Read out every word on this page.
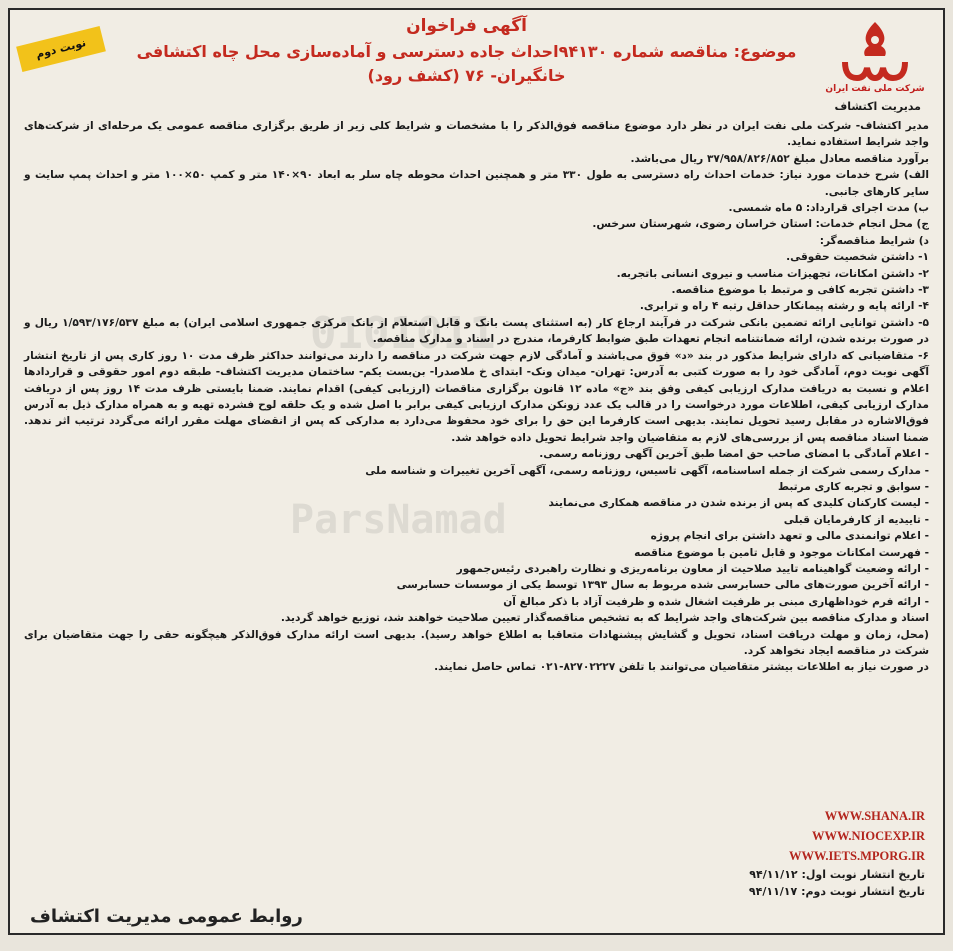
0101011
ParsNamad
نوبت دوم
شرکت ملی نفت ایران
آگهی فراخوان
موضوع: مناقصه شماره ۹۴۱۳۰احداث جاده دسترسی و آماده‌سازی محل چاه اکتشافی خانگیران- ۷۶ (کشف رود)
مدیریت اکتشاف

مدیر اکتشاف- شرکت ملی نفت ایران در نظر دارد موضوع مناقصه فوق‌الذکر را با مشخصات و شرایط کلی زیر از طریق برگزاری مناقصه عمومی یک مرحله‌ای از شرکت‌های واجد شرایط استفاده نماید.

برآورد مناقصه معادل مبلغ ۳۷/۹۵۸/۸۲۶/۸۵۲ ریال می‌باشد.

الف) شرح خدمات مورد نیاز: خدمات احداث راه دسترسی به طول ۳۳۰ متر و همچنین احداث محوطه چاه سلر به ابعاد ۹۰×۱۴۰ متر و کمپ ۵۰×۱۰۰ متر و احداث پمپ سایت و سایر کارهای جانبی.

ب) مدت اجرای قرارداد: ۵ ماه شمسی.

ج) محل انجام خدمات: استان خراسان رضوی، شهرستان سرخس.

د) شرایط مناقصه‌گر:

۱- داشتن شخصیت حقوقی.

۲- داشتن امکانات، تجهیزات مناسب و نیروی انسانی باتجربه.

۳- داشتن تجربه کافی و مرتبط با موضوع مناقصه.

۴- ارائه پایه و رشته پیمانکار حداقل رتبه ۴ راه و ترابری.

۵- داشتن توانایی ارائه تضمین بانکی شرکت در فرآیند ارجاع کار (به استثنای پست بانک و قابل استعلام از بانک مرکزی جمهوری اسلامی ایران) به مبلغ ۱/۵۹۳/۱۷۶/۵۳۷ ریال و در صورت برنده شدن، ارائه ضمانتنامه انجام تعهدات طبق ضوابط کارفرما، مندرج در اسناد و مدارک مناقصه.

۶- متقاضیانی که دارای شرایط مذکور در بند «د» فوق می‌باشند و آمادگی لازم جهت شرکت در مناقصه را دارند می‌توانند حداکثر ظرف مدت ۱۰ روز کاری پس از تاریخ انتشار آگهی نوبت دوم، آمادگی خود را به صورت کتبی به آدرس: تهران- میدان ونک- ابتدای خ ملاصدرا- بن‌بست یکم- ساختمان مدیریت اکتشاف- طبقه دوم امور حقوقی و قراردادها اعلام و نسبت به دریافت مدارک ارزیابی کیفی وفق بند «ج» ماده ۱۲ قانون برگزاری مناقصات (ارزیابی کیفی) اقدام نمایند. ضمنا بایستی ظرف مدت ۱۴ روز پس از دریافت مدارک ارزیابی کیفی، اطلاعات مورد درخواست را در قالب یک عدد زونکن مدارک ارزیابی کیفی برابر با اصل شده و یک حلقه لوح فشرده تهیه و به همراه مدارک ذیل به آدرس فوق‌الاشاره در مقابل رسید تحویل نمایند. بدیهی است کارفرما این حق را برای خود محفوظ می‌دارد به مدارکی که پس از انقضای مهلت مقرر ارائه می‌گردد ترتیب اثر ندهد. ضمنا اسناد مناقصه پس از بررسی‌های لازم به متقاضیان واجد شرایط تحویل داده خواهد شد.

- اعلام آمادگی با امضای صاحب حق امضا طبق آخرین آگهی روزنامه رسمی.

- مدارک رسمی شرکت از جمله اساسنامه، آگهی تاسیس، روزنامه رسمی، آگهی آخرین تغییرات و شناسه ملی

- سوابق و تجربه کاری مرتبط

- لیست کارکنان کلیدی که پس از برنده شدن در مناقصه همکاری می‌نمایند

- تاییدیه از کارفرمایان قبلی

- اعلام توانمندی مالی و تعهد داشتن برای انجام پروژه

- فهرست امکانات موجود و قابل تامین با موضوع مناقصه

- ارائه وضعیت گواهینامه تایید صلاحیت از معاون برنامه‌ریزی و نظارت راهبردی رئیس‌جمهور

- ارائه آخرین صورت‌های مالی حسابرسی شده مربوط به سال ۱۳۹۳ توسط یکی از موسسات حسابرسی

- ارائه فرم خوداظهاری مبنی بر ظرفیت اشغال شده و ظرفیت آزاد با ذکر مبالغ آن

اسناد و مدارک مناقصه بین شرکت‌های واجد شرایط که به تشخیص مناقصه‌گذار تعیین صلاحیت خواهند شد، توزیع خواهد گردید.

(محل، زمان و مهلت دریافت اسناد، تحویل و گشایش پیشنهادات متعاقبا به اطلاع خواهد رسید). بدیهی است ارائه مدارک فوق‌الذکر هیچگونه حقی را جهت متقاضیان برای شرکت در مناقصه ایجاد نخواهد کرد.

در صورت نیاز به اطلاعات بیشتر متقاضیان می‌توانند با تلفن ۸۲۷۰۲۲۲۷-۰۲۱ تماس حاصل نمایند.

WWW.SHANA.IR
WWW.NIOCEXP.IR
WWW.IETS.MPORG.IR
تاریخ انتشار نوبت اول: ۹۴/۱۱/۱۲
تاریخ انتشار نوبت دوم: ۹۴/۱۱/۱۷
روابط عمومی مدیریت اکتشاف
